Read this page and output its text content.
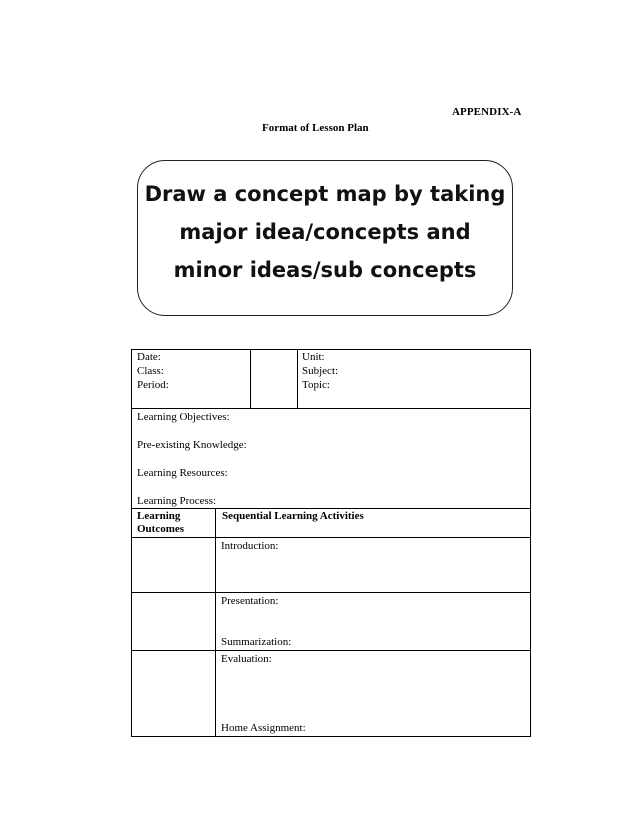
APPENDIX-A
Format of Lesson Plan
Draw a concept map by taking
major idea/concepts and
minor ideas/sub concepts
Date:
Class:
Period:
Unit:
Subject:
Topic:
Learning Objectives:
Pre-existing Knowledge:
Learning Resources:
Learning Process:
Learning
Outcomes
Sequential Learning Activities
Introduction:
Presentation:
Summarization:
Evaluation:
Home Assignment:
